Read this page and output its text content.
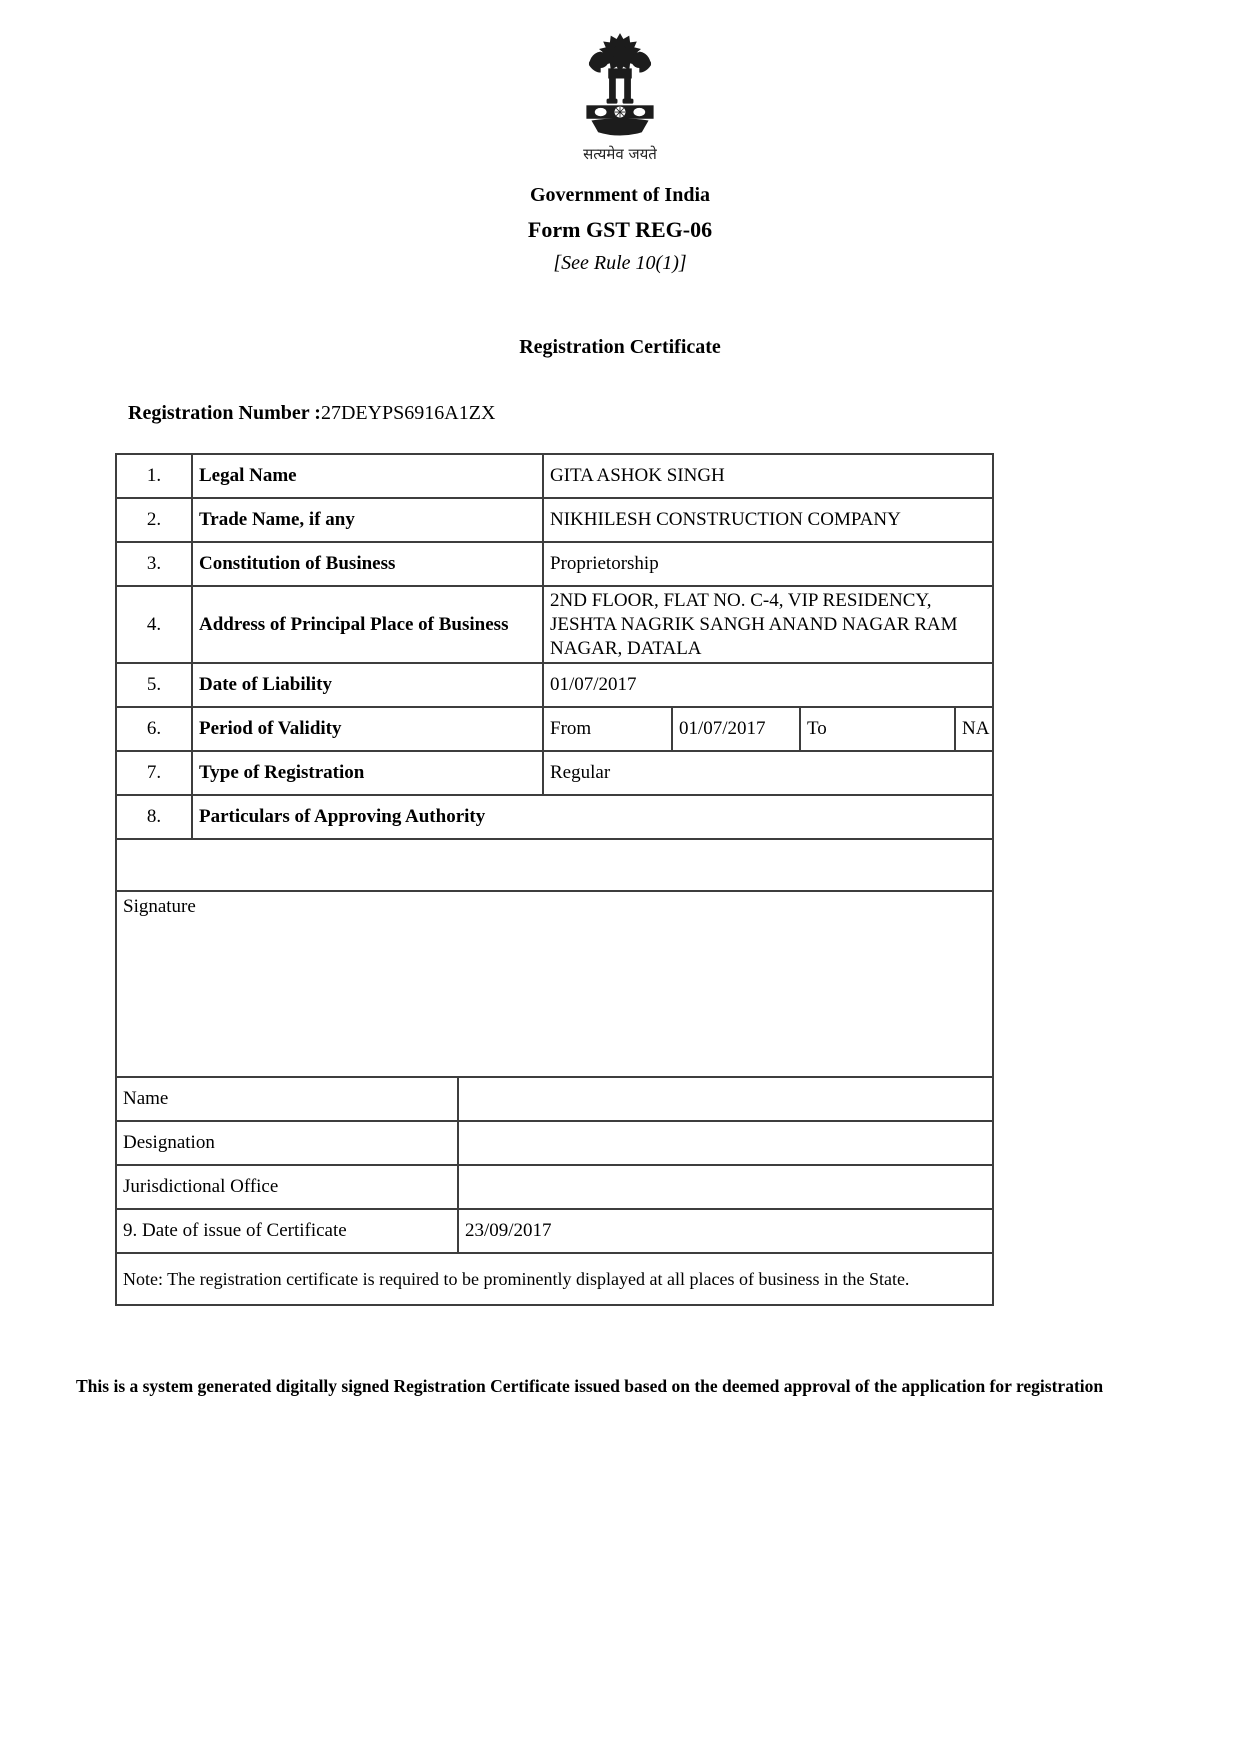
सत्यमेव जयते
Government of India
Form GST REG-06
[See Rule 10(1)]
Registration Certificate
Registration Number :27DEYPS6916A1ZX
1.	Legal Name		GITA ASHOK SINGH			
2.	Trade Name, if any		NIKHILESH CONSTRUCTION COMPANY			
3.	Constitution of Business		Proprietorship			
4.	Address of Principal Place of Business		2ND FLOOR, FLAT NO. C-4, VIP RESIDENCY, JESHTA NAGRIK SANGH ANAND NAGAR RAM NAGAR, DATALA			
5.	Date of Liability		01/07/2017			
6.	Period of Validity		From	01/07/2017	To	NA
7.	Type of Registration		Regular			
8.	Particulars of Approving Authority					

Signature						
Name						
Designation						
Jurisdictional Office						
9. Date of issue of Certificate		23/09/2017				
Note: The registration certificate is required to be prominently displayed at all places of business in the State.						
This is a system generated digitally signed Registration Certificate issued based on the deemed approval of the application for registration
